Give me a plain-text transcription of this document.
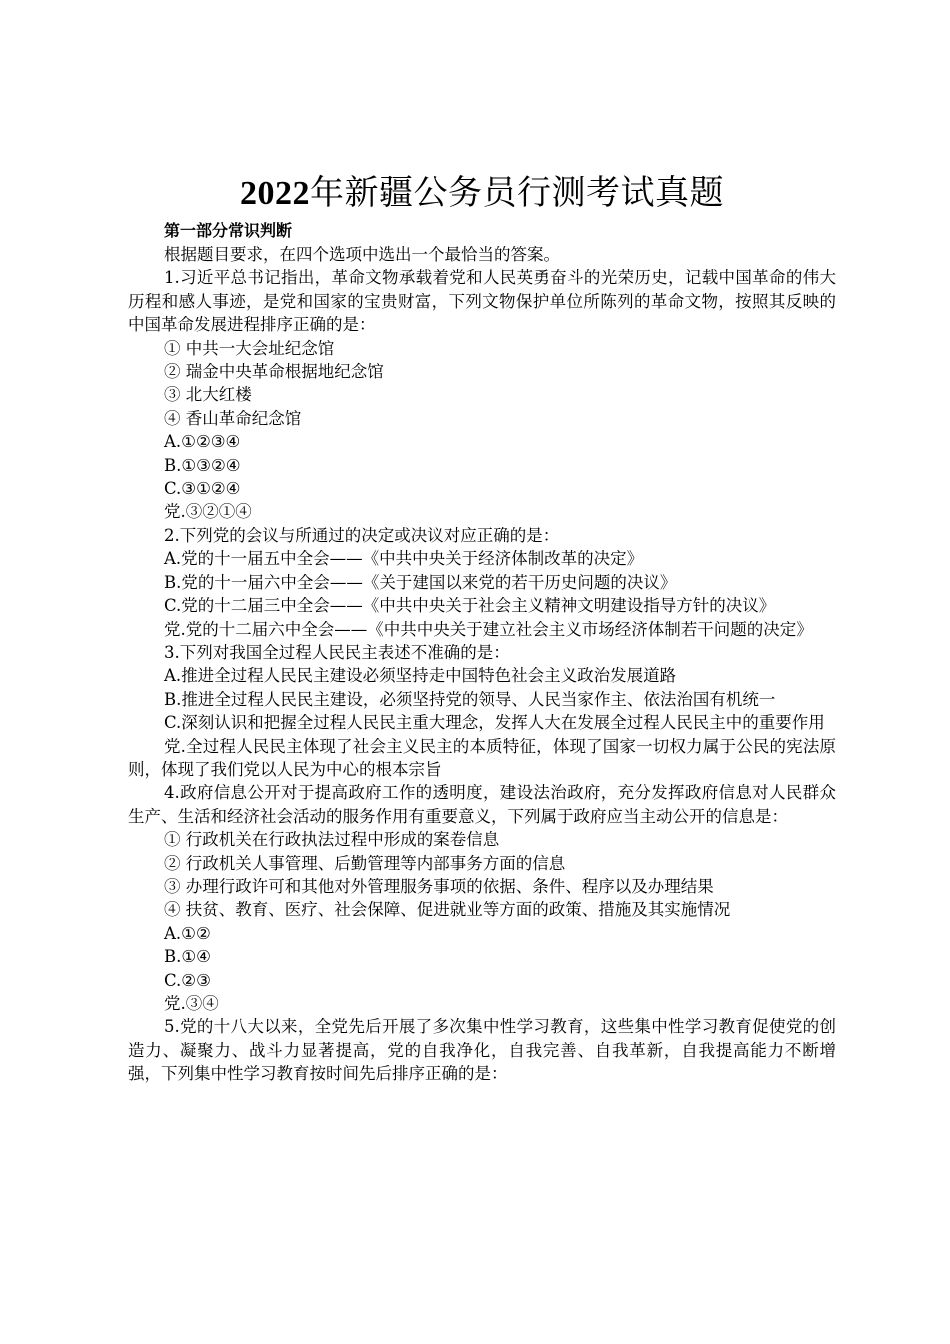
2022年新疆公务员行测考试真题
第一部分常识判断

根据题目要求，在四个选项中选出一个最恰当的答案。

1.习近平总书记指出，革命文物承载着党和人民英勇奋斗的光荣历史，记载中国革命的伟大历程和感人事迹，是党和国家的宝贵财富，下列文物保护单位所陈列的革命文物，按照其反映的中国革命发展进程排序正确的是：

① 中共一大会址纪念馆

② 瑞金中央革命根据地纪念馆

③ 北大红楼

④ 香山革命纪念馆

A.①②③④

B.①③②④

C.③①②④

党.③②①④

2.下列党的会议与所通过的决定或决议对应正确的是：

A.党的十一届五中全会——《中共中央关于经济体制改革的决定》

B.党的十一届六中全会——《关于建国以来党的若干历史问题的决议》

C.党的十二届三中全会——《中共中央关于社会主义精神文明建设指导方针的决议》

党.党的十二届六中全会——《中共中央关于建立社会主义市场经济体制若干问题的决定》

3.下列对我国全过程人民民主表述不准确的是：

A.推进全过程人民民主建设必须坚持走中国特色社会主义政治发展道路

B.推进全过程人民民主建设，必须坚持党的领导、人民当家作主、依法治国有机统一

C.深刻认识和把握全过程人民民主重大理念，发挥人大在发展全过程人民民主中的重要作用

党.全过程人民民主体现了社会主义民主的本质特征，体现了国家一切权力属于公民的宪法原则，体现了我们党以人民为中心的根本宗旨

4.政府信息公开对于提高政府工作的透明度，建设法治政府，充分发挥政府信息对人民群众生产、生活和经济社会活动的服务作用有重要意义，下列属于政府应当主动公开的信息是：

① 行政机关在行政执法过程中形成的案卷信息

② 行政机关人事管理、后勤管理等内部事务方面的信息

③ 办理行政许可和其他对外管理服务事项的依据、条件、程序以及办理结果

④ 扶贫、教育、医疗、社会保障、促进就业等方面的政策、措施及其实施情况

A.①②

B.①④

C.②③

党.③④

5.党的十八大以来，全党先后开展了多次集中性学习教育，这些集中性学习教育促使党的创造力、凝聚力、战斗力显著提高，党的自我净化，自我完善、自我革新，自我提高能力不断增强，下列集中性学习教育按时间先后排序正确的是：
